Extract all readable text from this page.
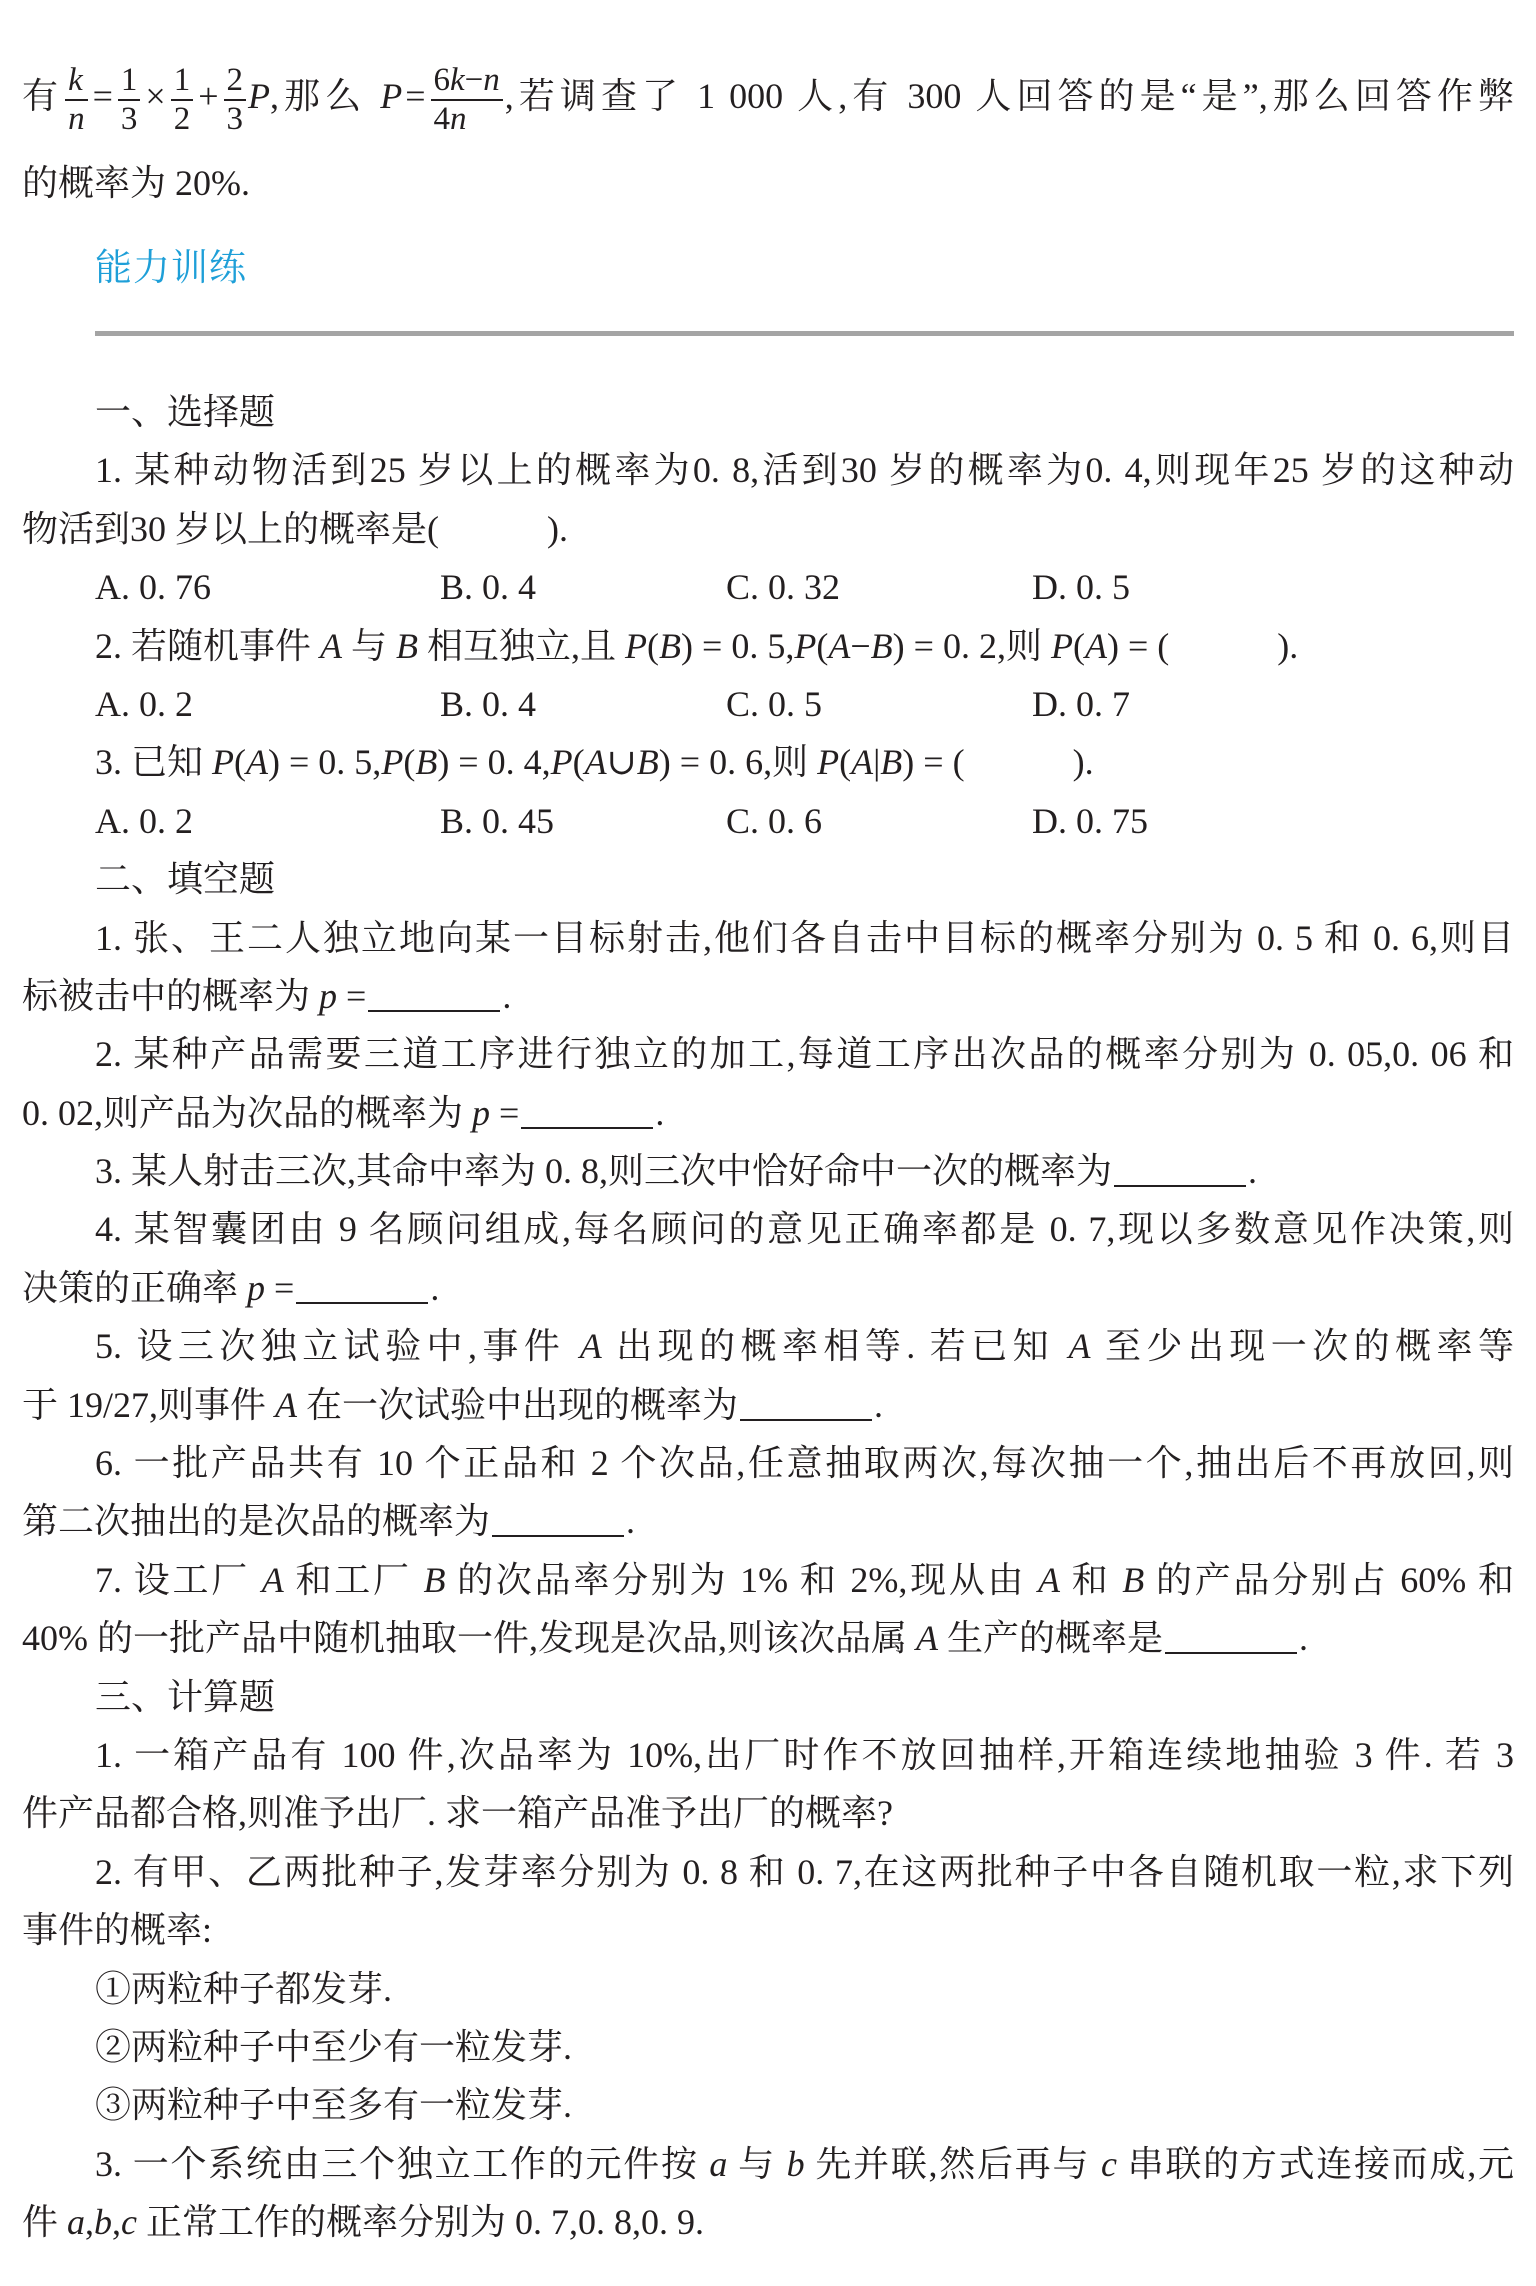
有 $\frac{k}{n} = \frac{1}{3} \times \frac{1}{2} + \frac{2}{3} P$,那么 $P= \frac{6k-n}{4n}$ ,若调查了 1 000 人,有 300 人回答的是“是”,那么回答作弊
的概率为 20%.
能力训练
一、选择题
1. 某种动物活到25 岁以上的概率为0. 8,活到30 岁的概率为0. 4,则现年25 岁的这种动
物活到30 岁以上的概率是(　　　).
A. 0. 76	B. 0. 4	C. 0. 32	D. 0. 5
2. 若随机事件 A 与 B 相互独立,且 P(B) = 0. 5,P(A−B) = 0. 2,则 P(A) = (　　　).
A. 0. 2	B. 0. 4	C. 0. 5	D. 0. 7
3. 已知 P(A) = 0. 5,P(B) = 0. 4,P(A∪B) = 0. 6,则 P(A|B) = (　　　).
A. 0. 2	B. 0. 45	C. 0. 6	D. 0. 75
二、填空题
1. 张、王二人独立地向某一目标射击,他们各自击中目标的概率分别为 0. 5 和 0. 6,则目
标被击中的概率为 p =	.
2. 某种产品需要三道工序进行独立的加工,每道工序出次品的概率分别为 0. 05,0. 06 和
0. 02,则产品为次品的概率为 p =	.
3. 某人射击三次,其命中率为 0. 8,则三次中恰好命中一次的概率为	.
4. 某智囊团由 9 名顾问组成,每名顾问的意见正确率都是 0. 7,现以多数意见作决策,则
决策的正确率 p =	.
5. 设三次独立试验中,事件 A 出现的概率相等. 若已知 A 至少出现一次的概率等
于 19/27,则事件 A 在一次试验中出现的概率为	.
6. 一批产品共有 10 个正品和 2 个次品,任意抽取两次,每次抽一个,抽出后不再放回,则
第二次抽出的是次品的概率为	.
7. 设工厂 A 和工厂 B 的次品率分别为 1% 和 2%,现从由 A 和 B 的产品分别占 60% 和
40% 的一批产品中随机抽取一件,发现是次品,则该次品属 A 生产的概率是	.
三、计算题
1. 一箱产品有 100 件,次品率为 10%,出厂时作不放回抽样,开箱连续地抽验 3 件. 若 3
件产品都合格,则准予出厂. 求一箱产品准予出厂的概率?
2. 有甲、乙两批种子,发芽率分别为 0. 8 和 0. 7,在这两批种子中各自随机取一粒,求下列
事件的概率:
①两粒种子都发芽.
②两粒种子中至少有一粒发芽.
③两粒种子中至多有一粒发芽.
3. 一个系统由三个独立工作的元件按 a 与 b 先并联,然后再与 c 串联的方式连接而成,元
件 a,b,c 正常工作的概率分别为 0. 7,0. 8,0. 9.
